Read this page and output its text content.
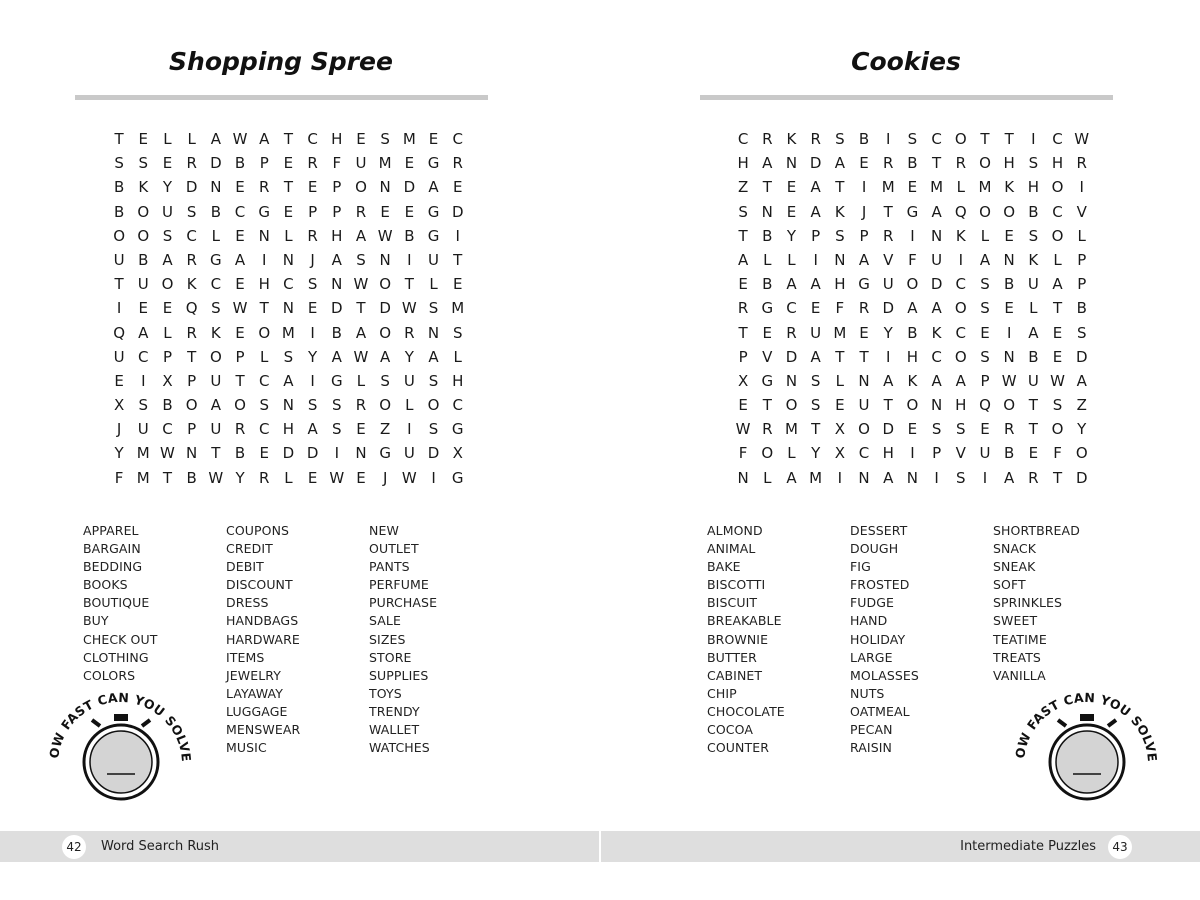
Shopping Spree
T E	L	L A W A T C H E S M E C
S S E R D B P E R F U M E G R
B K Y D N E R T E P O N D A E
B O U S B C G E P	P R E E G D
O O S C L	E N L R H A W B G	I
U B A R G A	I	N	J	A S N	I	U T
T U O K C E H C S N W O T	L	E
I	E E Q S W T N E D T D W S M
Q A L R K E O M	I	B A O R N S
U C P	T O P	L	S Y A W A Y A L
E	I	X P U T C A	I	G L	S U S H
X S B O A O S N S S R O L O C
J	U C P U R C H A S E Z	I	S G
Y M W N T B E D D	I	N G U D X
F M T B W Y R L	E W E	J W I	G
APPAREL
BARGAIN
BEDDING
BOOKS
BOUTIQUE
BUY
CHECK OUT
CLOTHING
COLORS
COUPONS
CREDIT
DEBIT
DISCOUNT
DRESS
HANDBAGS
HARDWARE
ITEMS
JEWELRY
LAYAWAY
LUGGAGE
MENSWEAR
MUSIC
NEW
OUTLET
PANTS
PERFUME
PURCHASE
SALE
SIZES
STORE
SUPPLIES
TOYS
TRENDY
WALLET
WATCHES
OW FAST CAN YOU SOLVE
42	Word Search Rush
Cookies
C R K R S B	I	S C O T	T	I	C W
H A N D A E R B T R O H S H R
Z T E A T	I	M E M L M K H O	I
S N E A K	J	T G A Q O O B C V
T B Y	P S P R	I	N K	L	E S O L
A L	L	I	N A V F U	I	A N K	L	P
E B A A H G U O D C S B U A P
R G C E	F R D A A O S E	L	T B
T E R U M E Y B K C E	I	A E S
P V D A T	T	I	H C O S N B E D
X G N S	L N A K A A P W U W A
E T O S E U T O N H Q O T S Z
W R M T X O D E S S E R T O Y
F O L	Y X C H	I	P V U B E	F O
N L A M	I	N A N	I	S	I	A R T D
ALMOND
ANIMAL
BAKE
BISCOTTI
BISCUIT
BREAKABLE
BROWNIE
BUTTER
CABINET
CHIP
CHOCOLATE
COCOA
COUNTER
DESSERT
DOUGH
FIG
FROSTED
FUDGE
HAND
HOLIDAY
LARGE
MOLASSES
NUTS
OATMEAL
PECAN
RAISIN
SHORTBREAD
SNACK
SNEAK
SOFT
SPRINKLES
SWEET
TEATIME
TREATS
VANILLA
OW FAST CAN YOU SOLVE
43
Intermediate Puzzles
